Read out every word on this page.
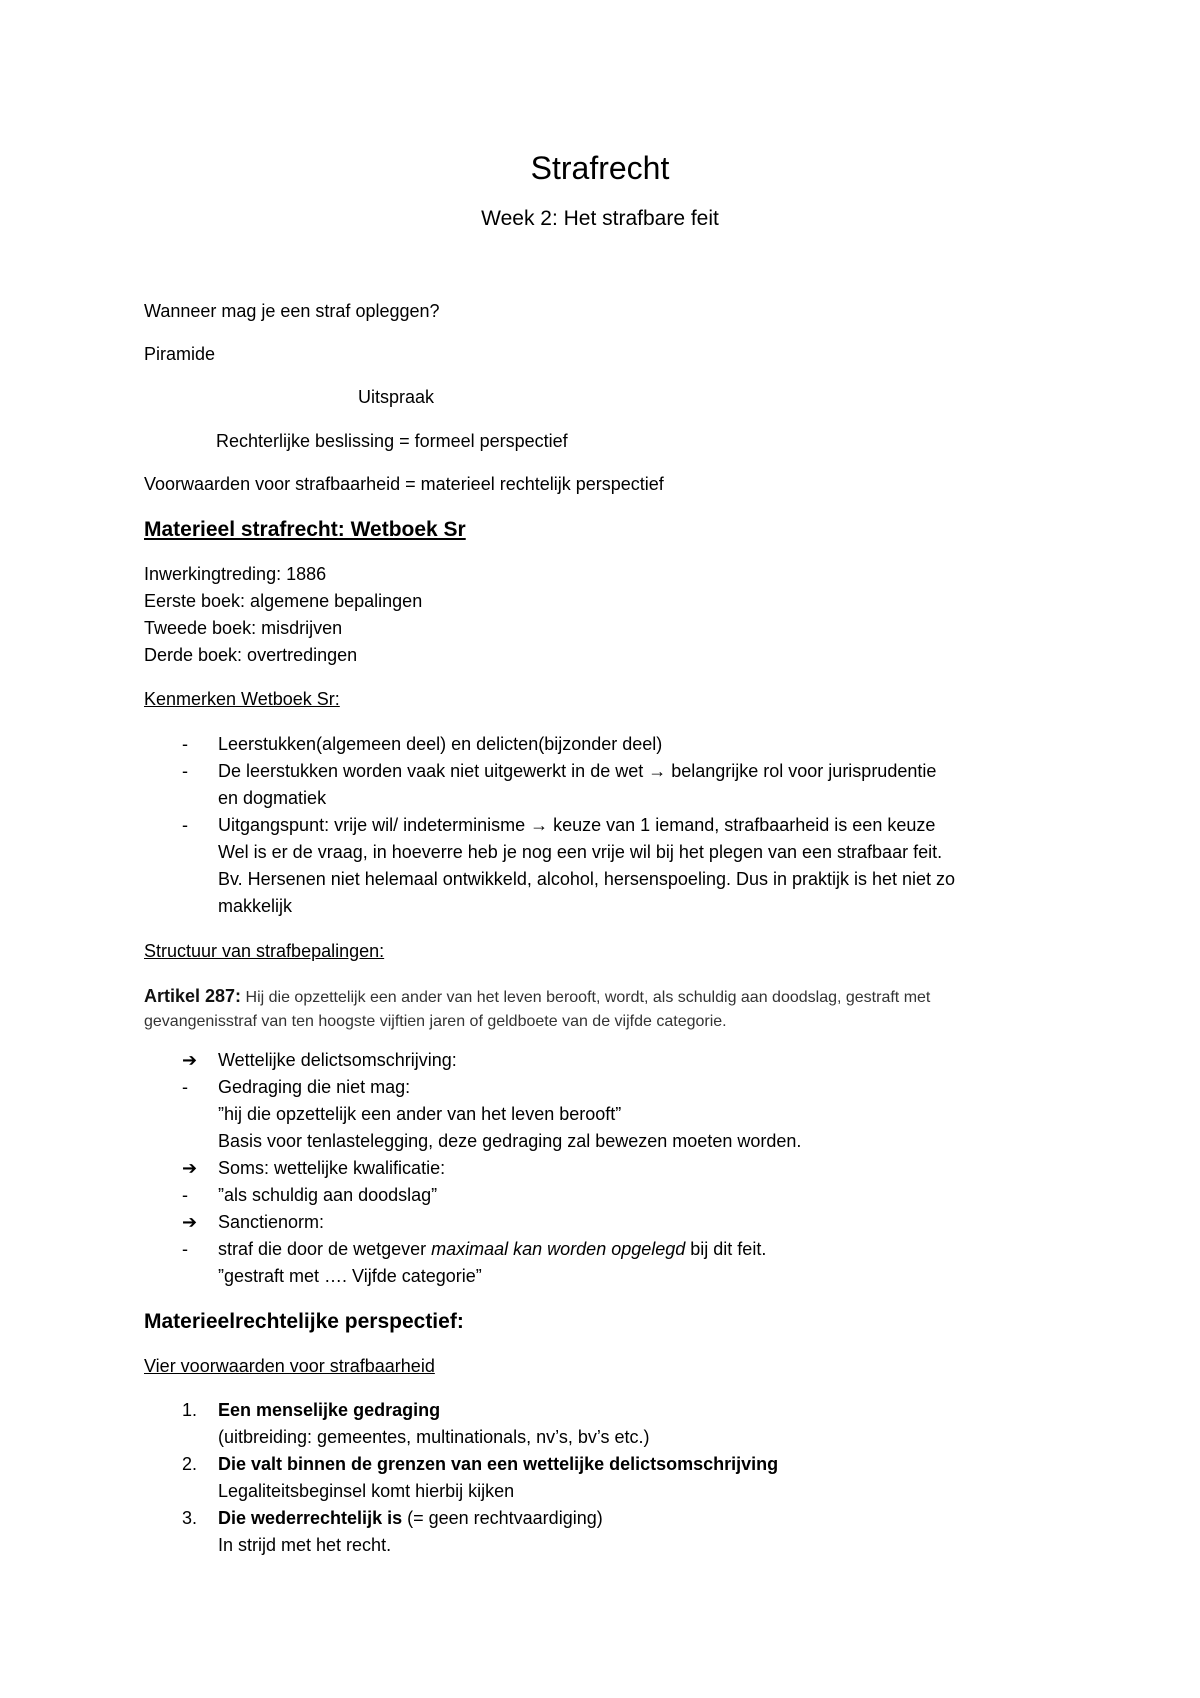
Strafrecht
Week 2: Het strafbare feit
Wanneer mag je een straf opleggen?
Piramide
Uitspraak
Rechterlijke beslissing = formeel perspectief
Voorwaarden voor strafbaarheid = materieel rechtelijk perspectief
Materieel strafrecht: Wetboek Sr
Inwerkingtreding: 1886
Eerste boek: algemene bepalingen
Tweede boek: misdrijven
Derde boek: overtredingen
Kenmerken Wetboek Sr:
- Leerstukken(algemeen deel) en delicten(bijzonder deel)
- De leerstukken worden vaak niet uitgewerkt in de wet → belangrijke rol voor jurisprudentie
en dogmatiek
- Uitgangspunt: vrije wil/ indeterminisme → keuze van 1 iemand, strafbaarheid is een keuze
Wel is er de vraag, in hoeverre heb je nog een vrije wil bij het plegen van een strafbaar feit.
Bv. Hersenen niet helemaal ontwikkeld, alcohol, hersenspoeling. Dus in praktijk is het niet zo
makkelijk
Structuur van strafbepalingen:
Artikel 287: Hij die opzettelijk een ander van het leven berooft, wordt, als schuldig aan doodslag, gestraft met
gevangenisstraf van ten hoogste vijftien jaren of geldboete van de vijfde categorie.
➔ Wettelijke delictsomschrijving:
- Gedraging die niet mag:
”hij die opzettelijk een ander van het leven berooft”
Basis voor tenlastelegging, deze gedraging zal bewezen moeten worden.
➔ Soms: wettelijke kwalificatie:
- ”als schuldig aan doodslag”
➔ Sanctienorm:
- straf die door de wetgever maximaal kan worden opgelegd bij dit feit.
”gestraft met …. Vijfde categorie”
Materieelrechtelijke perspectief:
Vier voorwaarden voor strafbaarheid
1. Een menselijke gedraging
(uitbreiding: gemeentes, multinationals, nv’s, bv’s etc.)
2. Die valt binnen de grenzen van een wettelijke delictsomschrijving
Legaliteitsbeginsel komt hierbij kijken
3. Die wederrechtelijk is (= geen rechtvaardiging)
In strijd met het recht.
